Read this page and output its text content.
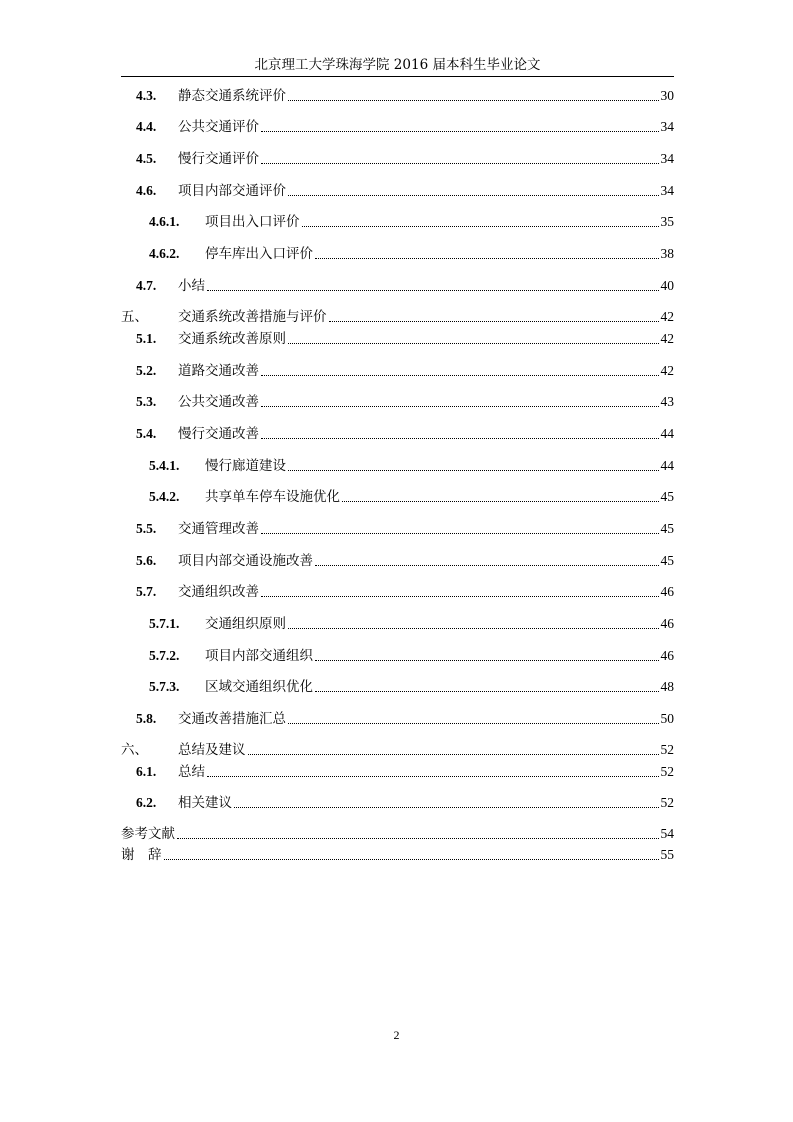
北京理工大学珠海学院 2016 届本科生毕业论文
4.3.	静态交通系统评价	30
4.4.	公共交通评价	34
4.5.	慢行交通评价	34
4.6.	项目内部交通评价	34
4.6.1.	项目出入口评价	35
4.6.2.	停车库出入口评价	38
4.7.	小结	40
五、	交通系统改善措施与评价	42
5.1.	交通系统改善原则	42
5.2.	道路交通改善	42
5.3.	公共交通改善	43
5.4.	慢行交通改善	44
5.4.1.	慢行廊道建设	44
5.4.2.	共享单车停车设施优化	45
5.5.	交通管理改善	45
5.6.	项目内部交通设施改善	45
5.7.	交通组织改善	46
5.7.1.	交通组织原则	46
5.7.2.	项目内部交通组织	46
5.7.3.	区域交通组织优化	48
5.8.	交通改善措施汇总	50
六、	总结及建议	52
6.1.	总结	52
6.2.	相关建议	52
参考文献	54
谢　辞	55
2
